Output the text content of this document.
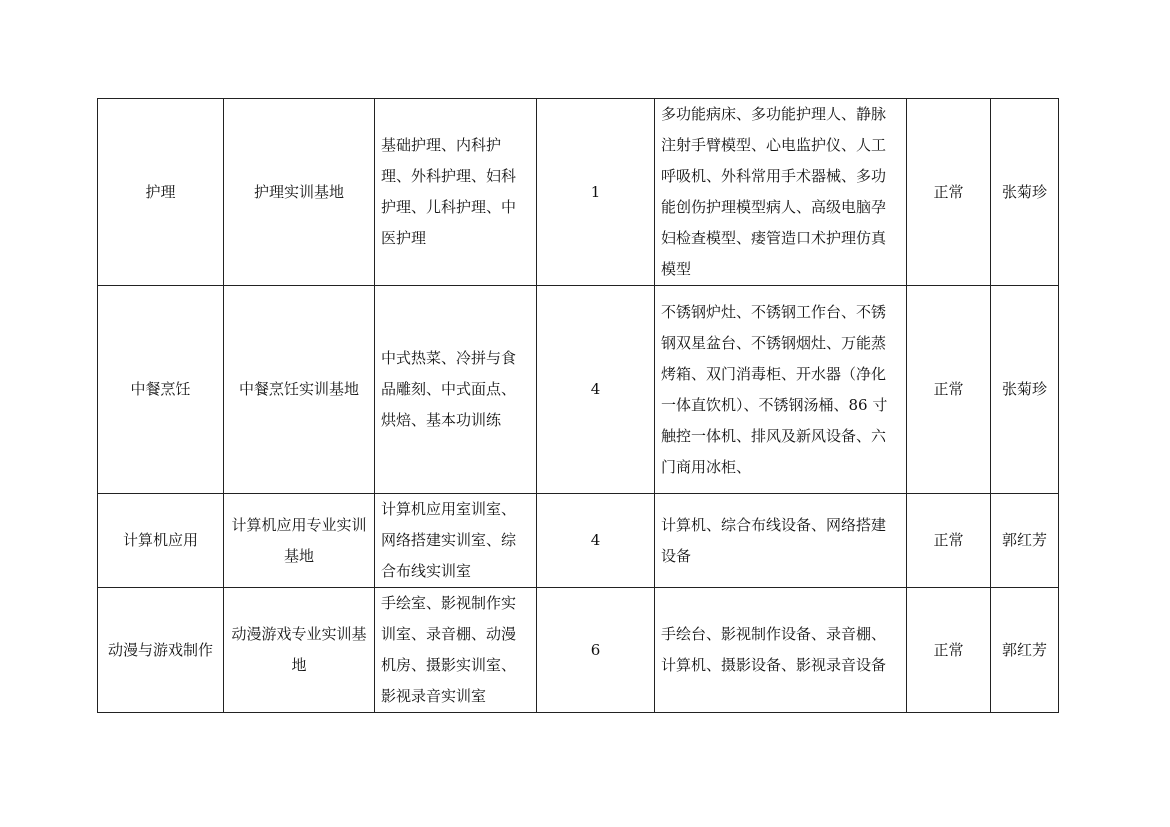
护理	护理实训基地	基础护理、内科护理、外科护理、妇科护理、儿科护理、中医护理	1	多功能病床、多功能护理人、静脉注射手臂模型、心电监护仪、人工呼吸机、外科常用手术器械、多功能创伤护理模型病人、高级电脑孕妇检查模型、瘘管造口术护理仿真模型	正常	张菊珍

中餐烹饪	中餐烹饪实训基地	中式热菜、冷拼与食品雕刻、中式面点、烘焙、基本功训练	4	不锈钢炉灶、不锈钢工作台、不锈钢双星盆台、不锈钢烟灶、万能蒸烤箱、双门消毒柜、开水器（净化一体直饮机）、不锈钢汤桶、86 寸触控一体机、排风及新风设备、六门商用冰柜、	正常	张菊珍

计算机应用	计算机应用专业实训基地	计算机应用室训室、网络搭建实训室、综合布线实训室	4	计算机、综合布线设备、网络搭建设备	正常	郭红芳

动漫与游戏制作	动漫游戏专业实训基地	手绘室、影视制作实训室、录音棚、动漫机房、摄影实训室、影视录音实训室	6	手绘台、影视制作设备、录音棚、计算机、摄影设备、影视录音设备	正常	郭红芳
